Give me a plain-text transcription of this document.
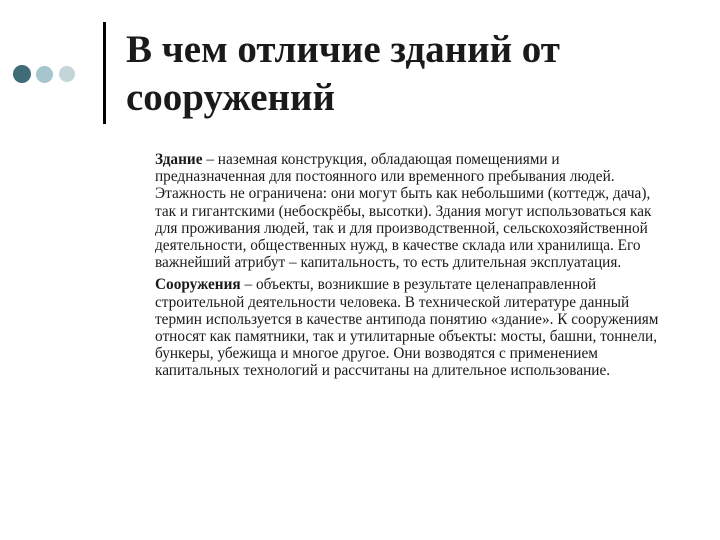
В чем отличие зданий от
сооружений

Здание – наземная конструкция, обладающая помещениями и предназначенная для постоянного или временного пребывания людей. Этажность не ограничена: они могут быть как небольшими (коттедж, дача), так и гигантскими (небоскрёбы, высотки). Здания могут использоваться как для проживания людей, так и для производственной, сельскохозяйственной деятельности, общественных нужд, в качестве склада или хранилища. Его важнейший атрибут – капитальность, то есть длительная эксплуатация.

Сооружения – объекты, возникшие в результате целенаправленной строительной деятельности человека. В технической литературе данный термин используется в качестве антипода понятию «здание». К сооружениям относят как памятники, так и утилитарные объекты: мосты, башни, тоннели, бункеры, убежища и многое другое. Они возводятся с применением капитальных технологий и рассчитаны на длительное использование.
